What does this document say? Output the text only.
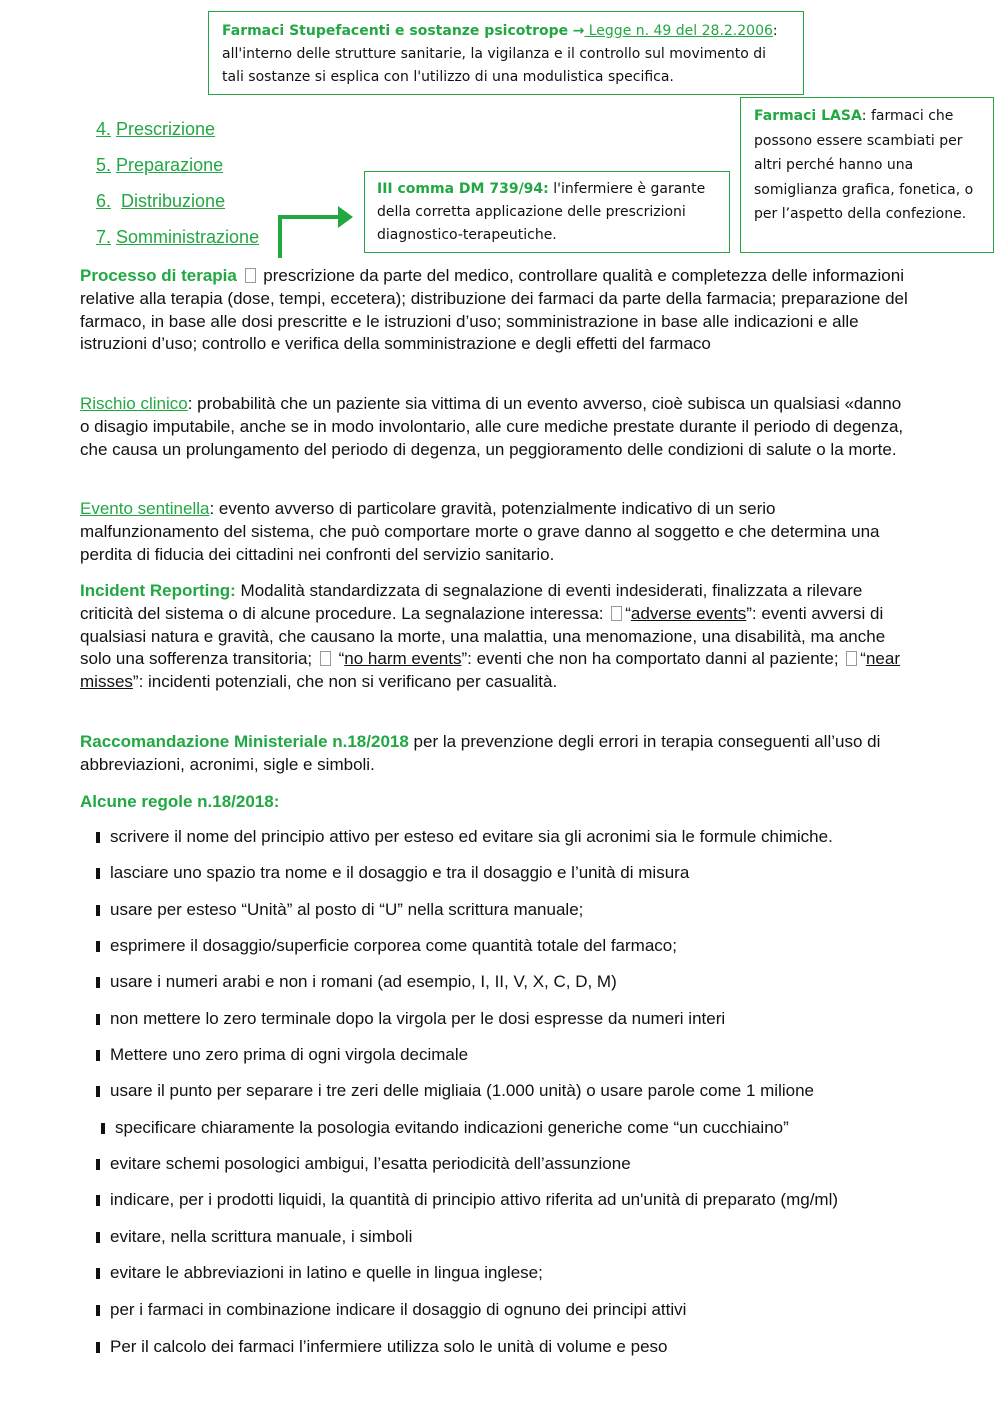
Farmaci Stupefacenti e sostanze psicotrope → Legge n. 49 del 28.2.2006: all'interno delle strutture sanitarie, la vigilanza e il controllo sul movimento di tali sostanze si esplica con l'utilizzo di una modulistica specifica.
4. Prescrizione
5. Preparazione
6. Distribuzione
7. Somministrazione
III comma DM 739/94: l'infermiere è garante della corretta applicazione delle prescrizioni diagnostico-terapeutiche.
Farmaci LASA: farmaci che possono essere scambiati per altri perché hanno una somiglianza grafica, fonetica, o per l’aspetto della confezione.
Processo di terapia  prescrizione da parte del medico, controllare qualità e completezza delle informazioni relative alla terapia (dose, tempi, eccetera); distribuzione dei farmaci da parte della farmacia; preparazione del farmaco, in base alle dosi prescritte e le istruzioni d’uso; somministrazione in base alle indicazioni e alle istruzioni d’uso; controllo e verifica della somministrazione e degli effetti del farmaco
Rischio clinico: probabilità che un paziente sia vittima di un evento avverso, cioè subisca un qualsiasi «danno o disagio imputabile, anche se in modo involontario, alle cure mediche prestate durante il periodo di degenza, che causa un prolungamento del periodo di degenza, un peggioramento delle condizioni di salute o la morte.
Evento sentinella: evento avverso di particolare gravità, potenzialmente indicativo di un serio malfunzionamento del sistema, che può comportare morte o grave danno al soggetto e che determina una perdita di fiducia dei cittadini nei confronti del servizio sanitario.
Incident Reporting: Modalità standardizzata di segnalazione di eventi indesiderati, finalizzata a rilevare criticità del sistema o di alcune procedure. La segnalazione interessa: “adverse events”: eventi avversi di qualsiasi natura e gravità, che causano la morte, una malattia, una menomazione, una disabilità, ma anche solo una sofferenza transitoria;  “no harm events”: eventi che non ha comportato danni al paziente; “near misses”: incidenti potenziali, che non si verificano per casualità.
Raccomandazione Ministeriale n.18/2018 per la prevenzione degli errori in terapia conseguenti all’uso di abbreviazioni, acronimi, sigle e simboli.
Alcune regole n.18/2018:
scrivere il nome del principio attivo per esteso ed evitare sia gli acronimi sia le formule chimiche.
lasciare uno spazio tra nome e il dosaggio e tra il dosaggio e l’unità di misura
usare per esteso “Unità” al posto di “U” nella scrittura manuale;
esprimere il dosaggio/superficie corporea come quantità totale del farmaco;
usare i numeri arabi e non i romani (ad esempio, I, II, V, X, C, D, M)
non mettere lo zero terminale dopo la virgola per le dosi espresse da numeri interi
Mettere uno zero prima di ogni virgola decimale
usare il punto per separare i tre zeri delle migliaia (1.000 unità) o usare parole come 1 milione
specificare chiaramente la posologia evitando indicazioni generiche come “un cucchiaino”
evitare schemi posologici ambigui, l’esatta periodicità dell’assunzione
indicare, per i prodotti liquidi, la quantità di principio attivo riferita ad un'unità di preparato (mg/ml)
evitare, nella scrittura manuale, i simboli
evitare le abbreviazioni in latino e quelle in lingua inglese;
per i farmaci in combinazione indicare il dosaggio di ognuno dei principi attivi
Per il calcolo dei farmaci l’infermiere utilizza solo le unità di volume e peso
